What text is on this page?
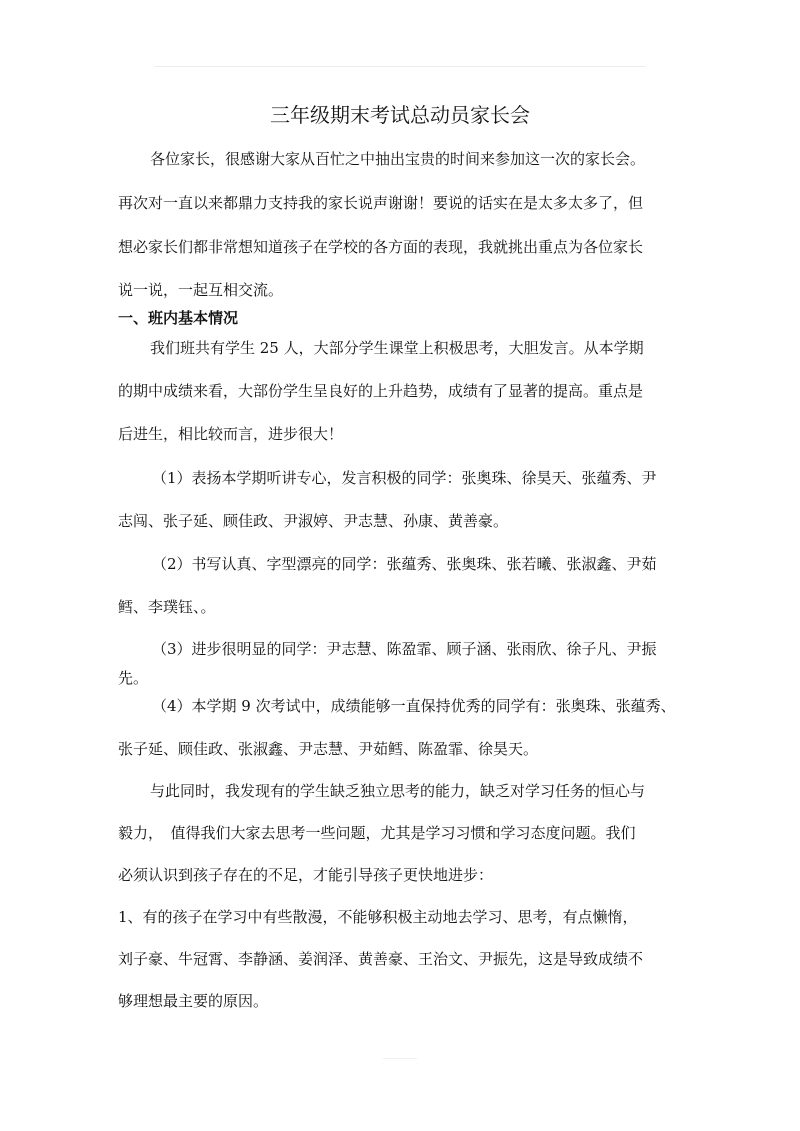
三年级期末考试总动员家长会
各位家长，很感谢大家从百忙之中抽出宝贵的时间来参加这一次的家长会。
再次对一直以来都鼎力支持我的家长说声谢谢！要说的话实在是太多太多了，但
想必家长们都非常想知道孩子在学校的各方面的表现，我就挑出重点为各位家长
说一说，一起互相交流。
一、班内基本情况
我们班共有学生 25 人，大部分学生课堂上积极思考，大胆发言。从本学期
的期中成绩来看，大部份学生呈良好的上升趋势，成绩有了显著的提高。重点是
后进生，相比较而言，进步很大！
（1）表扬本学期听讲专心，发言积极的同学：张奥珠、徐昊天、张蕴秀、尹
志闯、张子延、顾佳政、尹淑婷、尹志慧、孙康、黄善豪。
（2）书写认真、字型漂亮的同学：张蕴秀、张奥珠、张若曦、张淑鑫、尹茹
鳕、李璞钰、。
（3）进步很明显的同学：尹志慧、陈盈霏、顾子涵、张雨欣、徐子凡、尹振
先。
（4）本学期 9 次考试中，成绩能够一直保持优秀的同学有：张奥珠、张蕴秀、
张子延、顾佳政、张淑鑫、尹志慧、尹茹鳕、陈盈霏、徐昊天。
与此同时，我发现有的学生缺乏独立思考的能力，缺乏对学习任务的恒心与
毅力，　值得我们大家去思考一些问题，尤其是学习习惯和学习态度问题。我们
必须认识到孩子存在的不足，才能引导孩子更快地进步：
1、有的孩子在学习中有些散漫，不能够积极主动地去学习、思考，有点懒惰，
刘子豪、牛冠霄、李静涵、姜润泽、黄善豪、王治文、尹振先，这是导致成绩不
够理想最主要的原因。
